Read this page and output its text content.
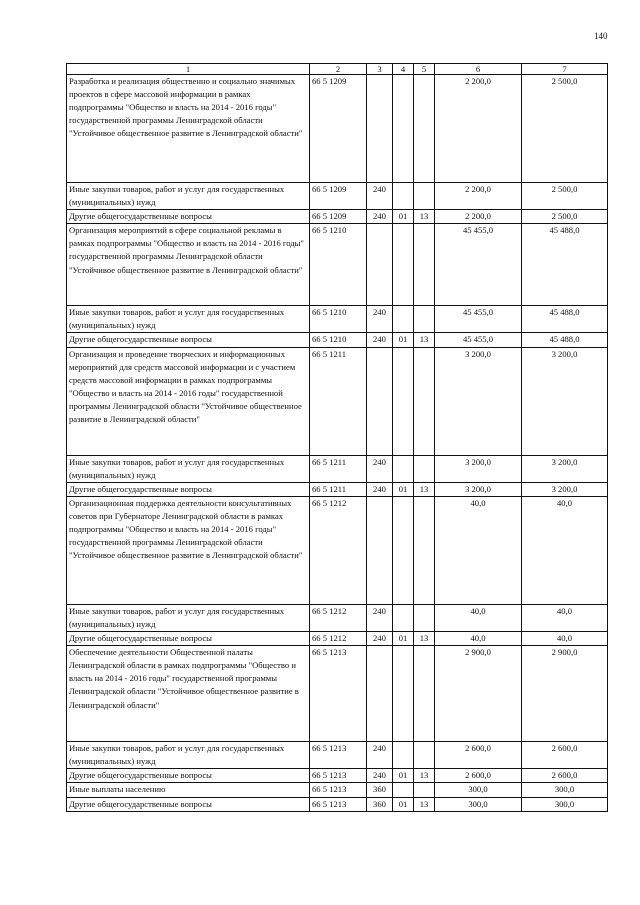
140
1	2	3	4	5	6	7
Разработка и реализация общественно и социально значимых проектов в сфере массовой информации в рамках подпрограммы "Общество и власть на 2014 - 2016 годы" государственной программы Ленинградской области "Устойчивое общественное развитие в Ленинградской области"	66 5 1209				2 200,0	2 500,0
Иные закупки товаров, работ и услуг для государственных (муниципальных) нужд	66 5 1209	240			2 200,0	2 500,0
Другие общегосударственные вопросы	66 5 1209	240	01	13	2 200,0	2 500,0
Организация мероприятий в сфере социальной рекламы в рамках подпрограммы "Общество и власть на 2014 - 2016 годы" государственной программы Ленинградской области "Устойчивое общественное развитие в Ленинградской области"	66 5 1210				45 455,0	45 488,0
Иные закупки товаров, работ и услуг для государственных (муниципальных) нужд	66 5 1210	240			45 455,0	45 488,0
Другие общегосударственные вопросы	66 5 1210	240	01	13	45 455,0	45 488,0
Организация и проведение творческих и информационных мероприятий для средств массовой информации и с участием средств массовой информации в рамках подпрограммы "Общество и власть на 2014 - 2016 годы" государственной программы Ленинградской области "Устойчивое общественное развитие в Ленинградской области"	66 5 1211				3 200,0	3 200,0
Иные закупки товаров, работ и услуг для государственных (муниципальных) нужд	66 5 1211	240			3 200,0	3 200,0
Другие общегосударственные вопросы	66 5 1211	240	01	13	3 200,0	3 200,0
Организационная поддержка деятельности консультативных советов при Губернаторе Ленинградской области в рамках подпрограммы "Общество и власть на 2014 - 2016 годы" государственной программы Ленинградской области "Устойчивое общественное развитие в Ленинградской области"	66 5 1212				40,0	40,0
Иные закупки товаров, работ и услуг для государственных (муниципальных) нужд	66 5 1212	240			40,0	40,0
Другие общегосударственные вопросы	66 5 1212	240	01	13	40,0	40,0
Обеспечение деятельности Общественной палаты Ленинградской области в рамках подпрограммы "Общество и власть на 2014 - 2016 годы" государственной программы Ленинградской области "Устойчивое общественное развитие в Ленинградской области"	66 5 1213				2 900,0	2 900,0
Иные закупки товаров, работ и услуг для государственных (муниципальных) нужд	66 5 1213	240			2 600,0	2 600,0
Другие общегосударственные вопросы	66 5 1213	240	01	13	2 600,0	2 600,0
Иные выплаты населению	66 5 1213	360			300,0	300,0
Другие общегосударственные вопросы	66 5 1213	360	01	13	300,0	300,0
